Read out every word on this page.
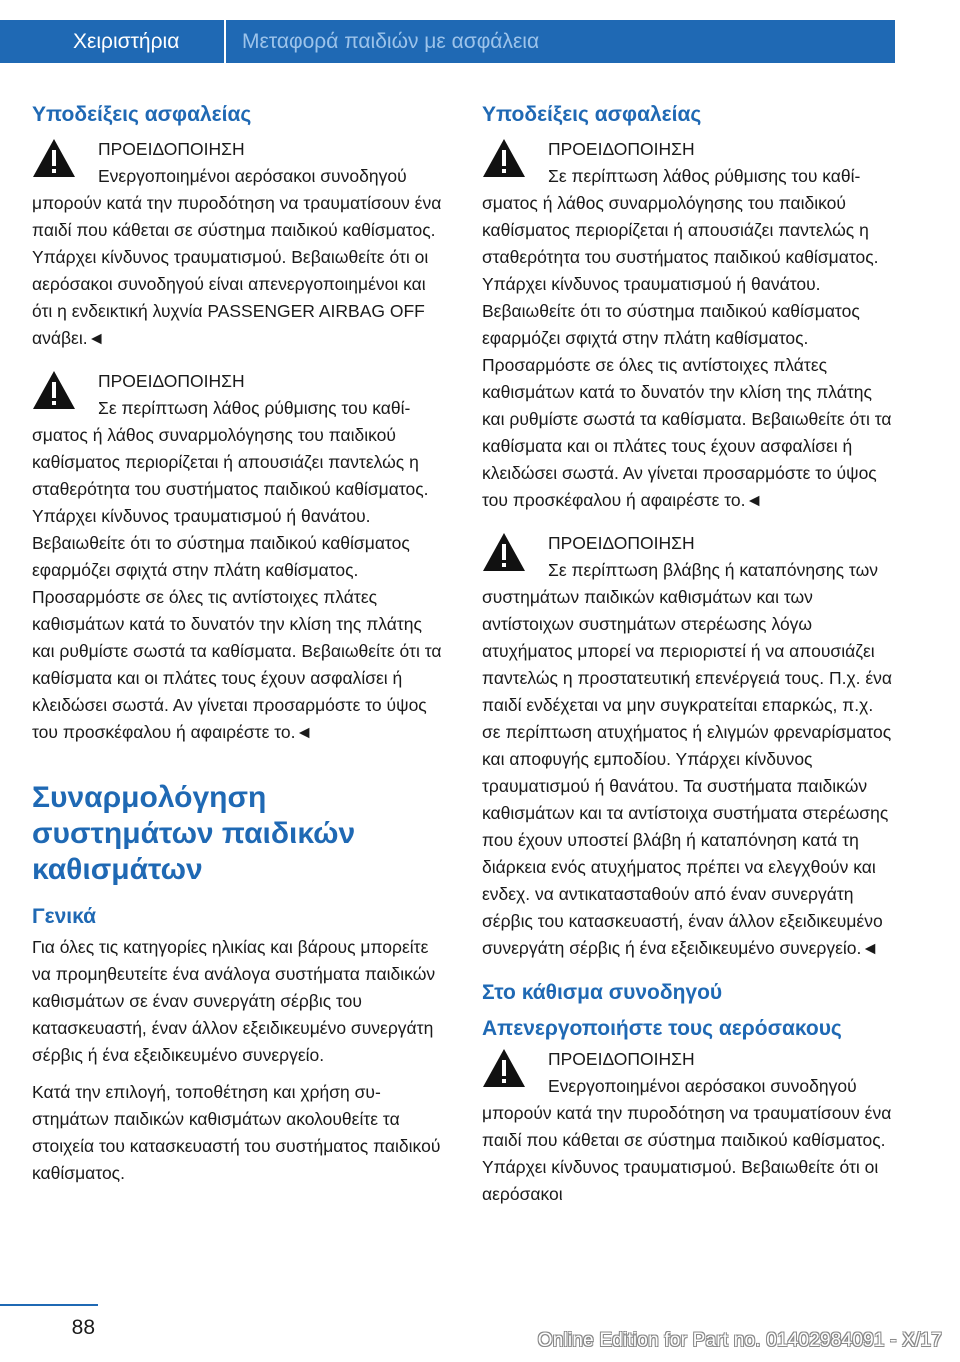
Χειριστήρια	Μεταφορά παιδιών με ασφάλεια
Υποδείξεις ασφαλείας
ΠΡΟΕΙΔΟΠΟΙΗΣΗ
Ενεργοποιημένοι αερόσακοι συνοδηγού μπορούν κατά την πυροδότηση να τραυματίσουν ένα παιδί που κάθεται σε σύστημα παιδικού καθίσματος. Υπάρχει κίνδυνος τραυματισμού. Βεβαιωθείτε ότι οι αερόσακοι συνοδηγού είναι απενεργοποιημένοι και ότι η ενδεικτική λυχνία PASSENGER AIRBAG OFF ανάβει.◄
ΠΡΟΕΙΔΟΠΟΙΗΣΗ
Σε περίπτωση λάθος ρύθμισης του καθίσματος ή λάθος συναρμολόγησης του παιδικού καθίσματος περιορίζεται ή απουσιάζει παντελώς η σταθερότητα του συστήματος παιδικού καθίσματος. Υπάρχει κίνδυνος τραυματισμού ή θανάτου. Βεβαιωθείτε ότι το σύστημα παιδικού καθίσματος εφαρμόζει σφιχτά στην πλάτη καθίσματος. Προσαρμόστε σε όλες τις αντίστοιχες πλάτες καθισμάτων κατά το δυνατόν την κλίση της πλάτης και ρυθμίστε σωστά τα καθίσματα. Βεβαιωθείτε ότι τα καθίσματα και οι πλάτες τους έχουν ασφαλίσει ή κλειδώσει σωστά. Αν γίνεται προσαρμόστε το ύψος του προσκέφαλου ή αφαιρέστε το.◄
Συναρμολόγηση συστημάτων παιδικών καθισμάτων
Γενικά

Για όλες τις κατηγορίες ηλικίας και βάρους μπορείτε να προμηθευτείτε ένα ανάλογα συστήματα παιδικών καθισμάτων σε έναν συνεργάτη σέρβις του κατασκευαστή, έναν άλλον εξειδικευμένο συνεργάτη σέρβις ή ένα εξειδικευμένο συνεργείο.

Κατά την επιλογή, τοποθέτηση και χρήση συστημάτων παιδικών καθισμάτων ακολουθείτε τα στοιχεία του κατασκευαστή του συστήματος παιδικού καθίσματος.

Υποδείξεις ασφαλείας
ΠΡΟΕΙΔΟΠΟΙΗΣΗ
Σε περίπτωση λάθος ρύθμισης του καθίσματος ή λάθος συναρμολόγησης του παιδικού καθίσματος περιορίζεται ή απουσιάζει παντελώς η σταθερότητα του συστήματος παιδικού καθίσματος. Υπάρχει κίνδυνος τραυματισμού ή θανάτου. Βεβαιωθείτε ότι το σύστημα παιδικού καθίσματος εφαρμόζει σφιχτά στην πλάτη καθίσματος. Προσαρμόστε σε όλες τις αντίστοιχες πλάτες καθισμάτων κατά το δυνατόν την κλίση της πλάτης και ρυθμίστε σωστά τα καθίσματα. Βεβαιωθείτε ότι τα καθίσματα και οι πλάτες τους έχουν ασφαλίσει ή κλειδώσει σωστά. Αν γίνεται προσαρμόστε το ύψος του προσκέφαλου ή αφαιρέστε το.◄
ΠΡΟΕΙΔΟΠΟΙΗΣΗ
Σε περίπτωση βλάβης ή καταπόνησης των συστημάτων παιδικών καθισμάτων και των αντίστοιχων συστημάτων στερέωσης λόγω ατυχήματος μπορεί να περιοριστεί ή να απουσιάζει παντελώς η προστατευτική επενέργειά τους. Π.χ. ένα παιδί ενδέχεται να μην συγκρατείται επαρκώς, π.χ. σε περίπτωση ατυχήματος ή ελιγμών φρεναρίσματος και αποφυγής εμποδίου. Υπάρχει κίνδυνος τραυματισμού ή θανάτου. Τα συστήματα παιδικών καθισμάτων και τα αντίστοιχα συστήματα στερέωσης που έχουν υποστεί βλάβη ή καταπόνηση κατά τη διάρκεια ενός ατυχήματος πρέπει να ελεγχθούν και ενδεχ. να αντικατασταθούν από έναν συνεργάτη σέρβις του κατασκευαστή, έναν άλλον εξειδικευμένο συνεργάτη σέρβις ή ένα εξειδικευμένο συνεργείο.◄
Στο κάθισμα συνοδηγού
Απενεργοποιήστε τους αερόσακους
ΠΡΟΕΙΔΟΠΟΙΗΣΗ
Ενεργοποιημένοι αερόσακοι συνοδηγού μπορούν κατά την πυροδότηση να τραυματίσουν ένα παιδί που κάθεται σε σύστημα παιδικού καθίσματος. Υπάρχει κίνδυνος τραυματισμού. Βεβαιωθείτε ότι οι αερόσακοι
88
Online Edition for Part no. 01402984091 - X/17
